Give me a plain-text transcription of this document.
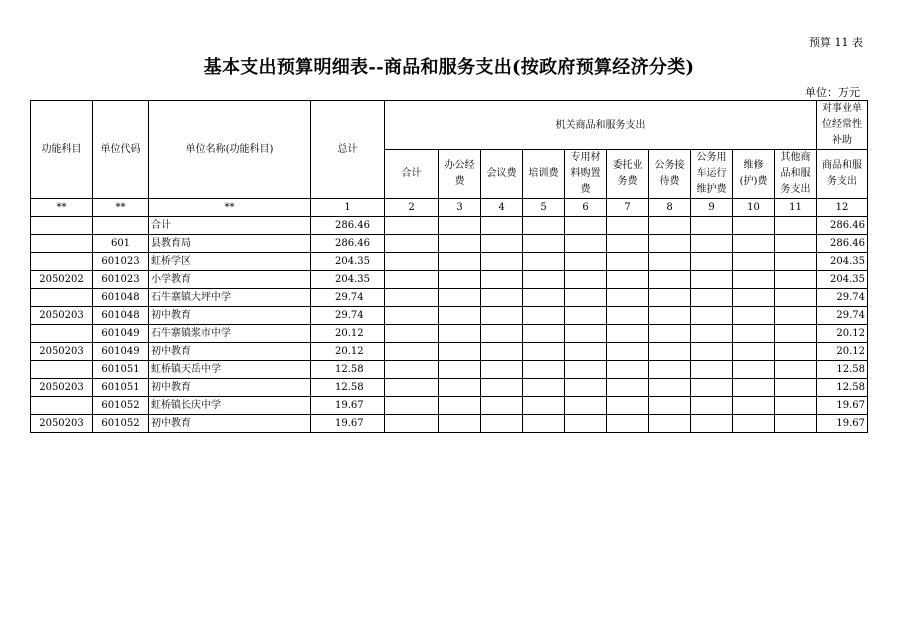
预算 11 表
基本支出预算明细表--商品和服务支出(按政府预算经济分类)
单位：万元
功能科目	单位代码	单位名称(功能科目)	总计	机关商品和服务支出										对事业单位经常性补助
				合计	办公经费	会议费	培训费	专用材料购置费	委托业务费	公务接待费	公务用车运行维护费	维修(护)费	其他商品和服务支出	商品和服务支出
**	**	**	1	2	3	4	5	6	7	8	9	10	11	12
		合计	286.46											286.46
	601	县教育局	286.46											286.46
	601023	虹桥学区	204.35											204.35
2050202	601023	小学教育	204.35											204.35
	601048	石牛寨镇大坪中学	29.74											29.74
2050203	601048	初中教育	29.74											29.74
	601049	石牛寨镇浆市中学	20.12											20.12
2050203	601049	初中教育	20.12											20.12
	601051	虹桥镇天岳中学	12.58											12.58
2050203	601051	初中教育	12.58											12.58
	601052	虹桥镇长庆中学	19.67											19.67
2050203	601052	初中教育	19.67											19.67
